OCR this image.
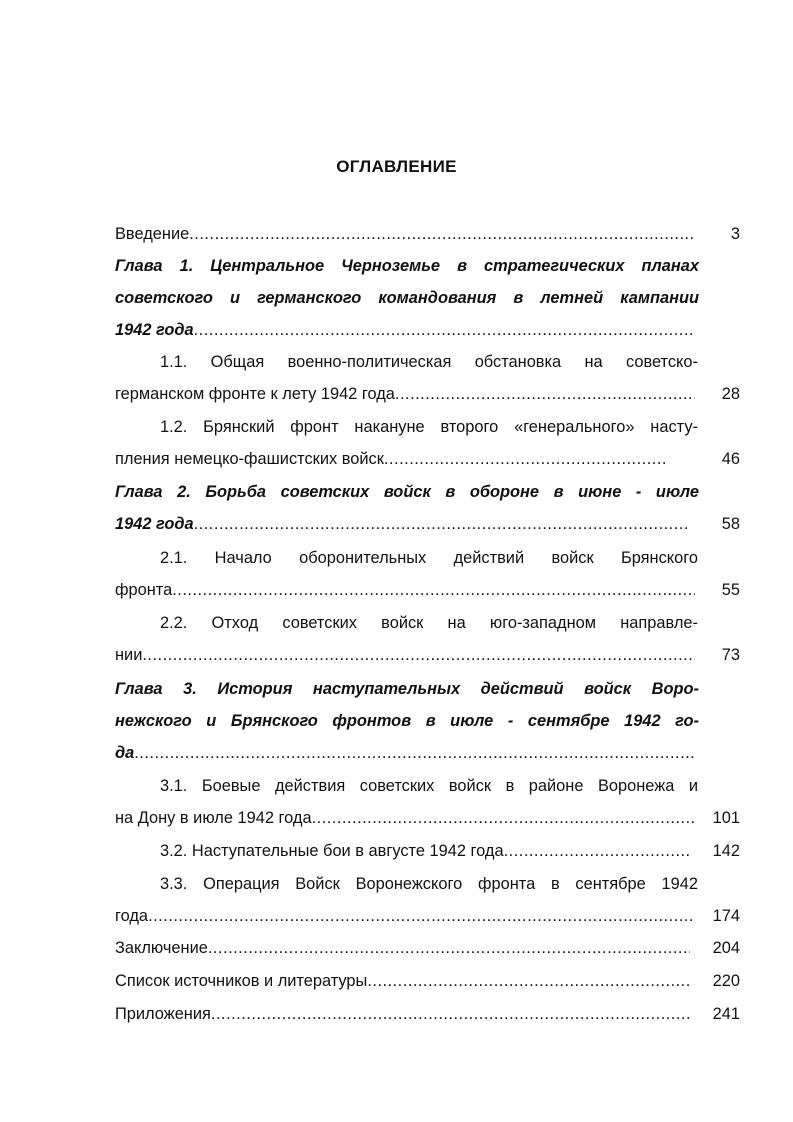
ОГЛАВЛЕНИЕ
Введение .....	3
Глава 1. Центральное Черноземье в стратегических планах
советского и германского командования в летней кампании
1942 года
.....
1.1. Общая военно-политическая обстановка на советско-
германском фронте к лету 1942 года .....	28
1.2. Брянский фронт накануне второго «генерального» насту-
пления немецко-фашистских войск .....	46
Глава 2. Борьба советских войск в обороне в июне - июле
1942 года .....	58
2.1. Начало оборонительных действий войск Брянского
фронта .....	55
2.2. Отход советских войск на юго-западном направле-
нии .....	73
Глава 3. История наступательных действий войск Воро-
нежского и Брянского фронтов в июле - сентябре 1942 го-
да
.....
3.1. Боевые действия советских войск в районе Воронежа и
на Дону в июле 1942 года .....	101
3.2. Наступательные бои в августе 1942 года .....	142
3.3. Операция Войск Воронежского фронта в сентябре 1942
года .....	174
Заключение .....	204
Список источников и литературы .....	220
Приложения .....	241
